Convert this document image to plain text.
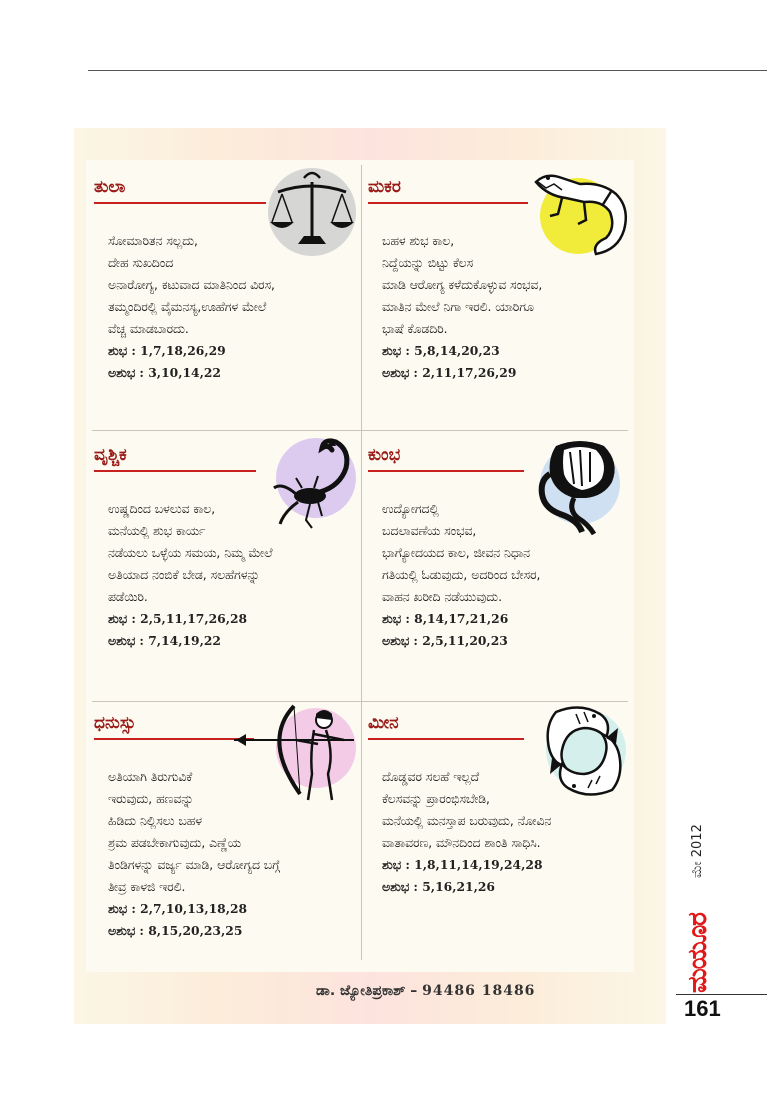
ತುಲಾ

ಸೋಮಾರಿತನ ಸಲ್ಲದು,

ದೇಹ ಸುಖದಿಂದ

ಅನಾರೋಗ್ಯ, ಕಟುವಾದ ಮಾತಿನಿಂದ ವಿರಸ,

ತಮ್ಮಂದಿರಲ್ಲಿ ವೈಮನಸ್ಯ,ಊಹೆಗಳ ಮೇಲೆ

ವೆಚ್ಚ ಮಾಡಬಾರದು.

ಶುಭ : 1,7,18,26,29

ಅಶುಭ : 3,10,14,22

ಮಕರ

ಬಹಳ ಶುಭ ಕಾಲ,

ನಿದ್ದೆಯನ್ನು ಬಿಟ್ಟು ಕೆಲಸ

ಮಾಡಿ ಆರೋಗ್ಯ ಕಳೆದುಕೊಳ್ಳುವ ಸಂಭವ,

ಮಾತಿನ ಮೇಲೆ ನಿಗಾ ಇರಲಿ. ಯಾರಿಗೂ

ಭಾಷೆ ಕೊಡದಿರಿ.

ಶುಭ : 5,8,14,20,23

ಅಶುಭ : 2,11,17,26,29

ವೃಶ್ಚಿಕ

ಉಷ್ಣದಿಂದ ಬಳಲುವ ಕಾಲ,

ಮನೆಯಲ್ಲಿ ಶುಭ ಕಾರ್ಯ

ನಡೆಯಲು ಒಳ್ಳೆಯ ಸಮಯ, ನಿಮ್ಮ ಮೇಲೆ

ಅತಿಯಾದ ನಂಬಿಕೆ ಬೇಡ, ಸಲಹೆಗಳನ್ನು

ಪಡೆಯಿರಿ.

ಶುಭ : 2,5,11,17,26,28

ಅಶುಭ : 7,14,19,22

ಕುಂಭ

ಉದ್ಯೋಗದಲ್ಲಿ

ಬದಲಾವಣೆಯ ಸಂಭವ,

ಭಾಗ್ಯೋದಯದ ಕಾಲ, ಜೀವನ ನಿಧಾನ

ಗತಿಯಲ್ಲಿ ಓಡುವುದು, ಅದರಿಂದ ಬೇಸರ,

ವಾಹನ ಖರೀದಿ ನಡೆಯುವುದು.

ಶುಭ : 8,14,17,21,26

ಅಶುಭ : 2,5,11,20,23

ಧನುಸ್ಸು

ಅತಿಯಾಗಿ ತಿರುಗುವಿಕೆ

ಇರುವುದು, ಹಣವನ್ನು

ಹಿಡಿದು ನಿಲ್ಲಿಸಲು ಬಹಳ

ಶ್ರಮ ಪಡಬೇಕಾಗುವುದು, ಎಣ್ಣೆಯ

ತಿಂಡಿಗಳನ್ನು ವರ್ಜ್ಯ ಮಾಡಿ, ಆರೋಗ್ಯದ ಬಗ್ಗೆ

ತೀವ್ರ ಕಾಳಜಿ ಇರಲಿ.

ಶುಭ : 2,7,10,13,18,28

ಅಶುಭ : 8,15,20,23,25

ಮೀನ

ದೊಡ್ಡವರ ಸಲಹೆ ಇಲ್ಲದೆ

ಕೆಲಸವನ್ನು ಪ್ರಾರಂಭಿಸಬೇಡಿ,

ಮನೆಯಲ್ಲಿ ಮನಸ್ತಾಪ ಬರುವುದು, ನೋವಿನ

ವಾತಾವರಣ, ಮೌನದಿಂದ ಶಾಂತಿ ಸಾಧಿಸಿ.

ಶುಭ : 1,8,11,14,19,24,28

ಅಶುಭ : 5,16,21,26

ಡಾ. ಜ್ಯೋತಿಪ್ರಕಾಶ್ – 94486 18486
ಮೇ 2012
ಮಯೂರ
161
